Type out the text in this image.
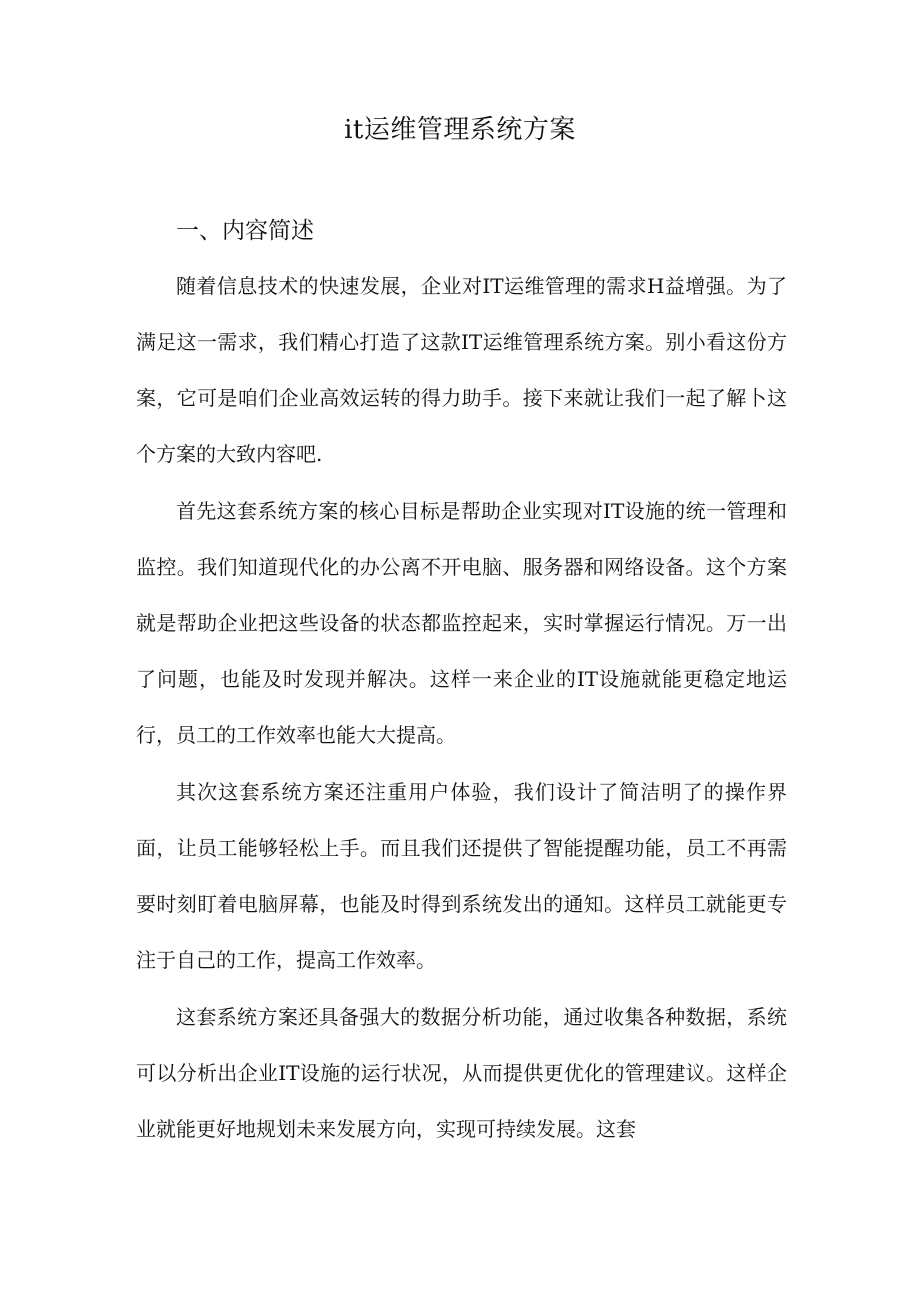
it运维管理系统方案
一、内容简述

随着信息技术的快速发展，企业对IT运维管理的需求H益增强。为了满足这一需求，我们精心打造了这款IT运维管理系统方案。别小看这份方案，它可是咱们企业高效运转的得力助手。接下来就让我们一起了解卜这个方案的大致内容吧.

首先这套系统方案的核心目标是帮助企业实现对IT设施的统一管理和监控。我们知道现代化的办公离不开电脑、服务器和网络设备。这个方案就是帮助企业把这些设备的状态都监控起来，实时掌握运行情况。万一出了问题，也能及时发现并解决。这样一来企业的IT设施就能更稳定地运行，员工的工作效率也能大大提高。

其次这套系统方案还注重用户体验，我们设计了简洁明了的操作界面，让员工能够轻松上手。而且我们还提供了智能提醒功能，员工不再需要时刻盯着电脑屏幕，也能及时得到系统发出的通知。这样员工就能更专注于自己的工作，提高工作效率。

这套系统方案还具备强大的数据分析功能，通过收集各种数据，系统可以分析出企业IT设施的运行状况，从而提供更优化的管理建议。这样企业就能更好地规划未来发展方向，实现可持续发展。这套
